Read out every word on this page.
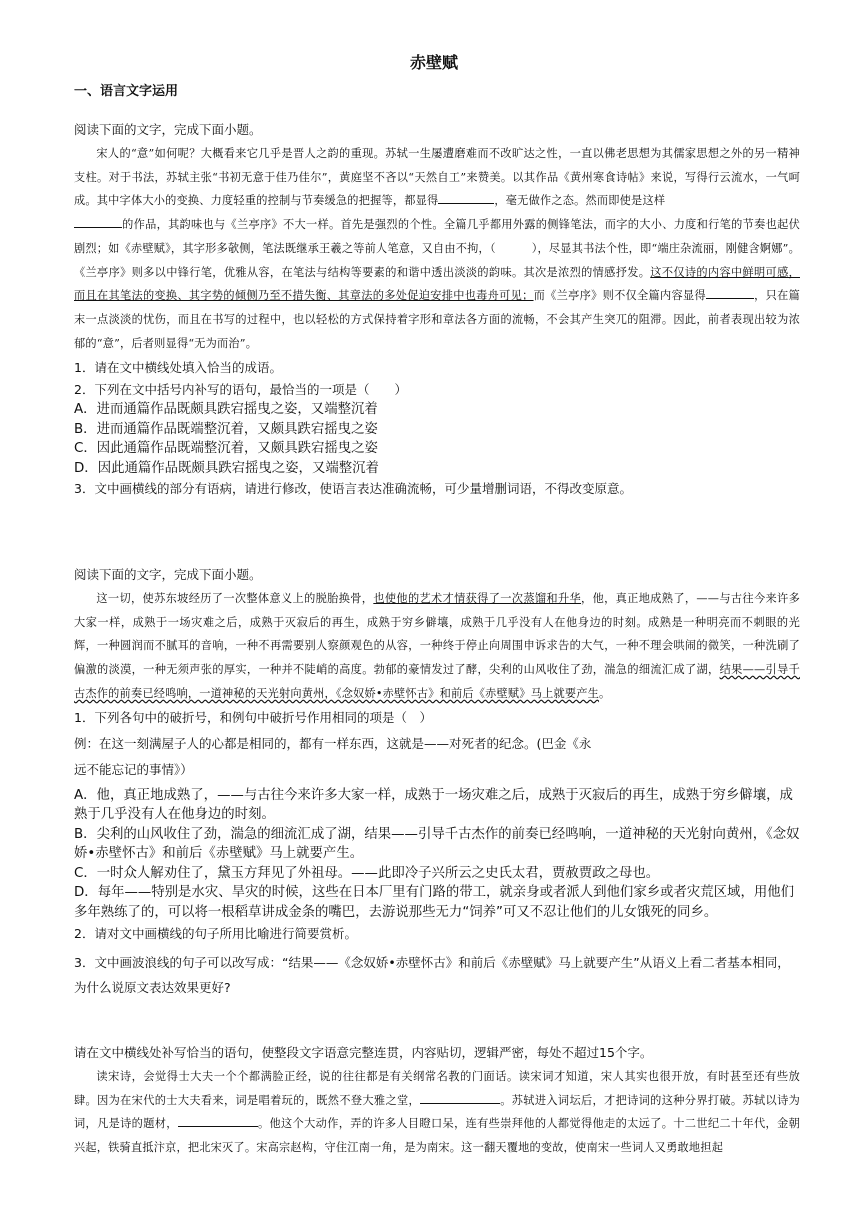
赤壁赋
一、语言文字运用

阅读下面的文字，完成下面小题。

宋人的“意”如何呢？大概看来它几乎是晋人之韵的重现。苏轼一生屡遭磨难而不改旷达之性，一直以佛老思想为其儒家思想之外的另一精神支柱。对于书法，苏轼主张“书初无意于佳乃佳尔”，黄庭坚不吝以“天然自工”来赞美。以其作品《黄州寒食诗帖》来说，写得行云流水，一气呵成。其中字体大小的变换、力度轻重的控制与节奏缓急的把握等，都显得	，毫无做作之态。然而即使是这样
的作品，其韵味也与《兰亭序》不大一样。首先是强烈的个性。全篇几乎都用外露的侧锋笔法，而字的大小、力度和行笔的节奏也起伏剧烈；如《赤壁赋》，其字形多欹侧，笔法既继承王羲之等前人笔意，又自由不拘，（	），尽显其书法个性，即“端庄杂流丽，刚健含婀娜”。《兰亭序》则多以中锋行笔，优雅从容，在笔法与结构等要素的和谐中透出淡淡的韵味。其次是浓烈的情感抒发。这不仅诗的内容中鲜明可感，而且在其笔法的变换、其字势的倾侧乃至不措失衡、其章法的多处促迫安排中也毒舟可见；而《兰亭序》则不仅全篇内容显得	，只在篇末一点淡淡的忧伤，而且在书写的过程中，也以轻松的方式保持着字形和章法各方面的流畅，不会其产生突兀的阻滞。因此，前者表现出较为浓郁的“意”，后者则显得“无为而治”。

1．请在文中横线处填入恰当的成语。

2．下列在文中括号内补写的语句，最恰当的一项是（　　）

A．进而通篇作品既颇具跌宕摇曳之姿，又端整沉着

B．进而通篇作品既端整沉着，又颇具跌宕摇曳之姿

C．因此通篇作品既端整沉着，又颇具跌宕摇曳之姿

D．因此通篇作品既颇具跌宕摇曳之姿，又端整沉着

3．文中画横线的部分有语病，请进行修改，使语言表达准确流畅，可少量增删词语，不得改变原意。

阅读下面的文字，完成下面小题。

这一切，使苏东坡经历了一次整体意义上的脱胎换骨，也使他的艺术才情获得了一次蒸馏和升华，他，真正地成熟了，——与古往今来许多大家一样，成熟于一场灾难之后，成熟于灭寂后的再生，成熟于穷乡僻壤，成熟于几乎没有人在他身边的时刻。成熟是一种明亮而不刺眼的光辉，一种圆润而不腻耳的音响，一种不再需要别人察颜观色的从容，一种终于停止向周围申诉求告的大气，一种不理会哄闹的微笑，一种洗刷了偏激的淡漠，一种无须声张的厚实，一种并不陡峭的高度。勃郁的豪情发过了酵，尖利的山风收住了劲，湍急的细流汇成了湖，结果——引导千古杰作的前奏已经鸣响，一道神秘的天光射向黄州，《念奴娇•赤壁怀古》和前后《赤壁赋》马上就要产生。

1．下列各句中的破折号，和例句中破折号作用相同的项是（　）

例：在这一刻满屋子人的心都是相同的，都有一样东西，这就是——对死者的纪念。(巴金《永

远不能忘记的事情》）

A．他，真正地成熟了，——与古往今来许多大家一样，成熟于一场灾难之后，成熟于灭寂后的再生，成熟于穷乡僻壤，成熟于几乎没有人在他身边的时刻。

B．尖利的山风收住了劲，湍急的细流汇成了湖，结果——引导千古杰作的前奏已经鸣响，一道神秘的天光射向黄州，《念奴娇•赤壁怀古》和前后《赤壁赋》马上就要产生。

C．一时众人解劝住了，黛玉方拜见了外祖母。——此即冷子兴所云之史氏太君，贾赦贾政之母也。

D．每年——特别是水灾、旱灾的时候，这些在日本厂里有门路的带工，就亲身或者派人到他们家乡或者灾荒区域，用他们多年熟练了的，可以将一根稻草讲成金条的嘴巴，去游说那些无力“饲养”可又不忍让他们的儿女饿死的同乡。

2．请对文中画横线的句子所用比喻进行简要赏析。

3．文中画波浪线的句子可以改写成：“结果——《念奴娇•赤壁怀古》和前后《赤壁赋》马上就要产生”从语义上看二者基本相同，为什么说原文表达效果更好?

请在文中横线处补写恰当的语句，使整段文字语意完整连贯，内容贴切，逻辑严密，每处不超过15个字。

读宋诗，会觉得士大夫一个个都满脸正经，说的往往都是有关纲常名教的门面话。读宋词才知道，宋人其实也很开放，有时甚至还有些放肆。因为在宋代的士大夫看来，词是唱着玩的，既然不登大雅之堂，	。苏轼进入词坛后，才把诗词的这种分界打破。苏轼以诗为词，凡是诗的题材，	。他这个大动作，弄的许多人目瞪口呆，连有些崇拜他的人都觉得他走的太远了。十二世纪二十年代，金朝兴起，铁骑直抵汴京，把北宋灭了。宋高宗赵构，守住江南一角，是为南宋。这一翻天覆地的变故，使南宋一些词人又勇敢地担起
